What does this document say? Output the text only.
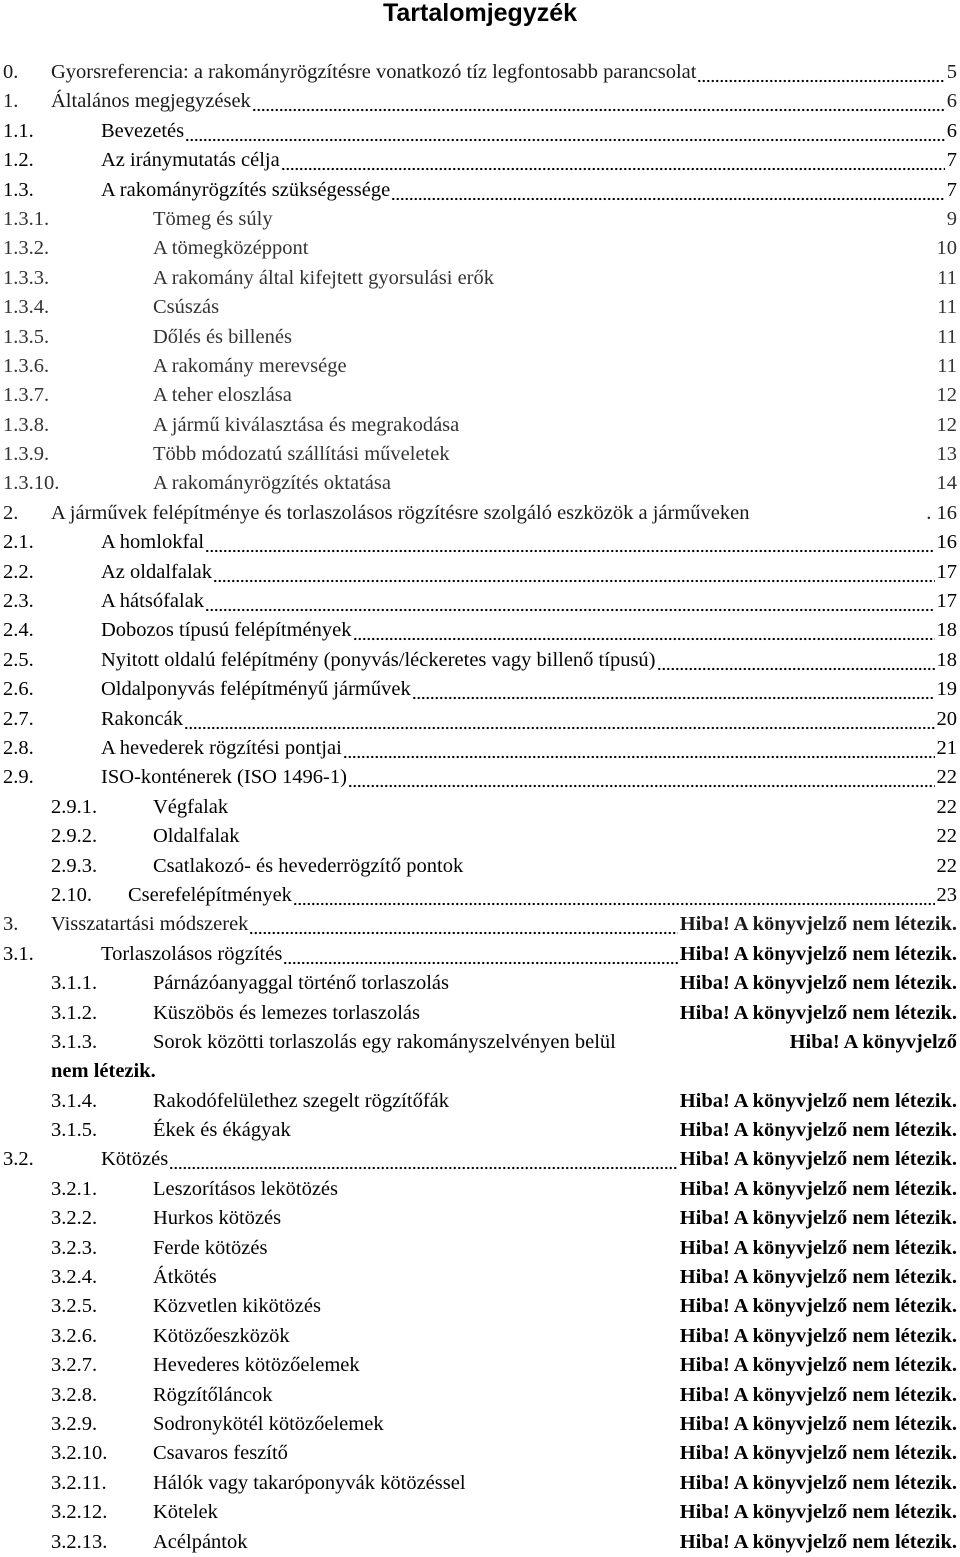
Tartalomjegyzék
0. Gyorsreferencia: a rakományrögzítésre vonatkozó tíz legfontosabb parancsolat	5
1. Általános megjegyzések	6
1.1.	Bevezetés	6
1.2.	Az iránymutatás célja	7
1.3.	A rakományrögzítés szükségessége	7
1.3.1.	Tömeg és súly	9
1.3.2.	A tömegközéppont	10
1.3.3.	A rakomány által kifejtett gyorsulási erők	11
1.3.4.	Csúszás	11
1.3.5.	Dőlés és billenés	11
1.3.6.	A rakomány merevsége	11
1.3.7.	A teher eloszlása	12
1.3.8.	A jármű kiválasztása és megrakodása	12
1.3.9.	Több módozatú szállítási műveletek	13
1.3.10.	A rakományrögzítés oktatása	14
2. A járművek felépítménye és torlaszolásos rögzítésre szolgáló eszközök a járműveken	. 16
2.1.	A homlokfal	16
2.2.	Az oldalfalak	17
2.3.	A hátsófalak	17
2.4.	Dobozos típusú felépítmények	18
2.5.	Nyitott oldalú felépítmény (ponyvás/léckeretes vagy billenő típusú)	18
2.6.	Oldalponyvás felépítményű járművek	19
2.7.	Rakoncák	20
2.8.	A hevederek rögzítési pontjai	21
2.9.	ISO-konténerek (ISO 1496-1)	22
2.9.1.	Végfalak	22
2.9.2.	Oldalfalak	22
2.9.3.	Csatlakozó- és hevederrögzítő pontok	22
2.10. Cserefelépítmények	23
3. Visszatartási módszerek	Hiba! A könyvjelző nem létezik.
3.1.	Torlaszolásos rögzítés	Hiba! A könyvjelző nem létezik.
3.1.1.	Párnázóanyaggal történő torlaszolás	Hiba! A könyvjelző nem létezik.
3.1.2.	Küszöbös és lemezes torlaszolás	Hiba! A könyvjelző nem létezik.
3.1.3.	Sorok közötti torlaszolás egy rakományszelvényen belül	Hiba! A könyvjelző
nem létezik.
3.1.4.	Rakodófelülethez szegelt rögzítőfák	Hiba! A könyvjelző nem létezik.
3.1.5.	Ékek és ékágyak	Hiba! A könyvjelző nem létezik.
3.2.	Kötözés	Hiba! A könyvjelző nem létezik.
3.2.1.	Leszorításos lekötözés	Hiba! A könyvjelző nem létezik.
3.2.2.	Hurkos kötözés	Hiba! A könyvjelző nem létezik.
3.2.3.	Ferde kötözés	Hiba! A könyvjelző nem létezik.
3.2.4.	Átkötés	Hiba! A könyvjelző nem létezik.
3.2.5.	Közvetlen kikötözés	Hiba! A könyvjelző nem létezik.
3.2.6.	Kötözőeszközök	Hiba! A könyvjelző nem létezik.
3.2.7.	Hevederes kötözőelemek	Hiba! A könyvjelző nem létezik.
3.2.8.	Rögzítőláncok	Hiba! A könyvjelző nem létezik.
3.2.9.	Sodronykötél kötözőelemek	Hiba! A könyvjelző nem létezik.
3.2.10. Csavaros feszítő	Hiba! A könyvjelző nem létezik.
3.2.11. Hálók vagy takaróponyvák kötözéssel	Hiba! A könyvjelző nem létezik.
3.2.12. Kötelek	Hiba! A könyvjelző nem létezik.
3.2.13. Acélpántok	Hiba! A könyvjelző nem létezik.
